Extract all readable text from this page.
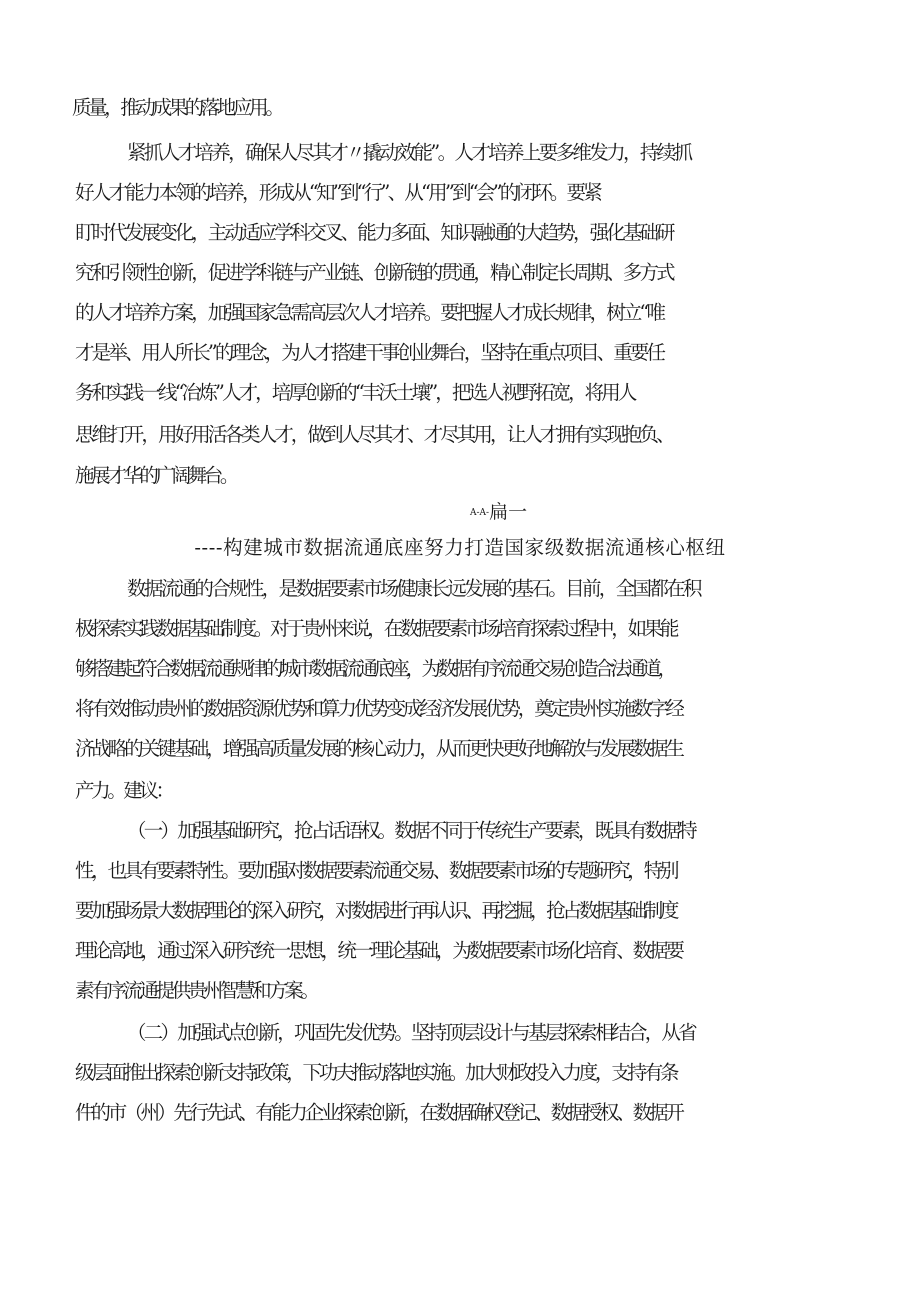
质量，推动成果的落地应用。
紧抓人才培养，确保人尽其才〃撬动效能”。人才培养上要多维发力，持续抓
好人才能力本领的培养，形成从“知”到“行”、从“用”到“会”的闭环。要紧
盯时代发展变化，主动适应学科交叉、能力多面、知识融通的大趋势，强化基础研
究和引领性创新，促进学科链与产业链、创新链的贯通，精心制定长周期、多方式
的人才培养方案，加强国家急需高层次人才培养。要把握人才成长规律，树立“唯
才是举、用人所长”的理念，为人才搭建干事创业舞台，坚持在重点项目、重要任
务和实践一线“冶炼”人才，培厚创新的“丰沃土壤”，把选人视野拓宽，将用人
思维打开，用好用活各类人才，做到人尽其才、才尽其用，让人才拥有实现抱负、
施展才华的广阔舞台。
A-A-扁一
----构建城市数据流通底座努力打造国家级数据流通核心枢纽
数据流通的合规性，是数据要素市场健康长远发展的基石。目前，全国都在积
极探索实践数据基础制度。对于贵州来说，在数据要素市场培育探索过程中，如果能
够搭建起符合数据流通规律的城市数据流通底座，为数据有序流通交易创造合法通道，
将有效推动贵州的数据资源优势和算力优势变成经济发展优势，奠定贵州实施数字经
济战略的关键基础，增强高质量发展的核心动力，从而更快更好地解放与发展数据生
产力。建议：
（一）加强基础研究，抢占话语权。数据不同于传统生产要素，既具有数据特
性，也具有要素特性。要加强对数据要素流通交易、数据要素市场的专题研究，特别
要加强场景大数据理论的深入研究，对数据进行再认识、再挖掘，抢占数据基础制度
理论高地，通过深入研究统一思想，统一理论基础，为数据要素市场化培育、数据要
素有序流通提供贵州智慧和方案。
（二）加强试点创新，巩固先发优势。坚持顶层设计与基层探索相结合，从省
级层面推出探索创新支持政策，下功夫推动落地实施。加大财政投入力度，支持有条
件的市（州）先行先试、有能力企业探索创新，在数据确权登记、数据授权、数据开
